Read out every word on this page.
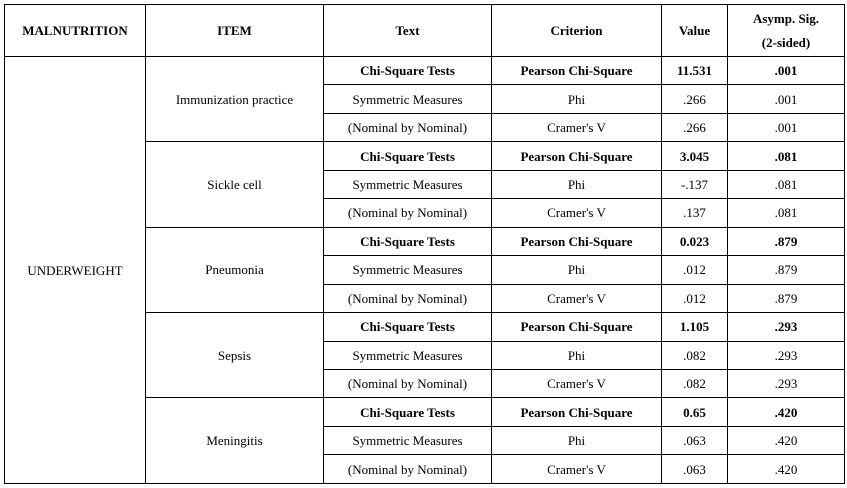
MALNUTRITION	ITEM	Text	Criterion	Value	Asymp. Sig.
(2-sided)

UNDERWEIGHT	Immunization practice	Chi-Square Tests	Pearson Chi-Square	11.531	.001
		Symmetric Measures	Phi	.266	.001
		(Nominal by Nominal)	Cramer's V	.266	.001
	Sickle cell	Chi-Square Tests	Pearson Chi-Square	3.045	.081
		Symmetric Measures	Phi	-.137	.081
		(Nominal by Nominal)	Cramer's V	.137	.081
	Pneumonia	Chi-Square Tests	Pearson Chi-Square	0.023	.879
		Symmetric Measures	Phi	.012	.879
		(Nominal by Nominal)	Cramer's V	.012	.879
	Sepsis	Chi-Square Tests	Pearson Chi-Square	1.105	.293
		Symmetric Measures	Phi	.082	.293
		(Nominal by Nominal)	Cramer's V	.082	.293
	Meningitis	Chi-Square Tests	Pearson Chi-Square	0.65	.420
		Symmetric Measures	Phi	.063	.420
		(Nominal by Nominal)	Cramer's V	.063	.420
